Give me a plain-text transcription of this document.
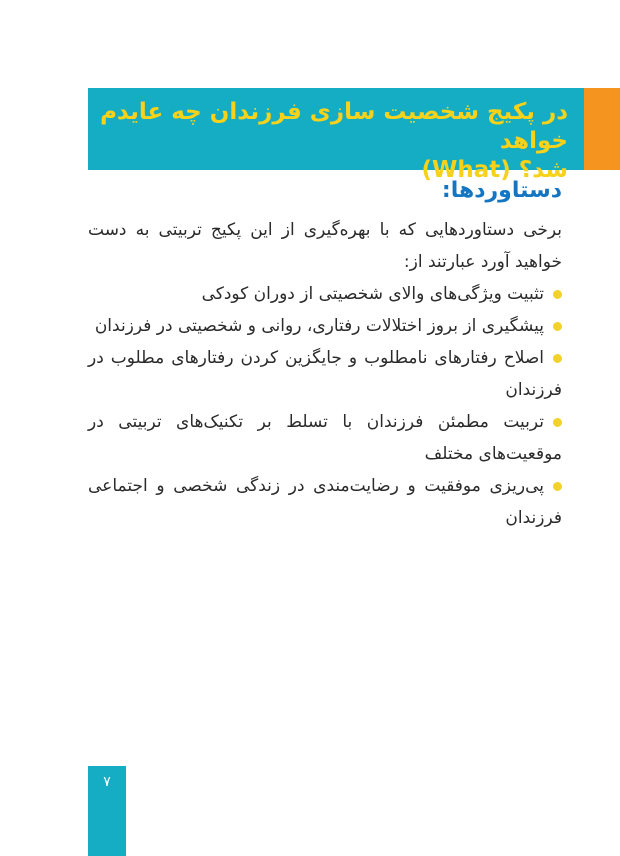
در پکیج شخصیت سازی فرزندان چه عایدم خواهد
شد؟ (What)
دستاوردها:

برخی دستاوردهایی که با بهره‌گیری از این پکیج تربیتی به دست خواهید آورد عبارتند از:

تثبیت ویژگی‌های والای شخصیتی از دوران کودکی
پیشگیری از بروز اختلالات رفتاری، روانی و شخصیتی در فرزندان
اصلاح رفتارهای نامطلوب و جایگزین کردن رفتارهای مطلوب در فرزندان
تربیت مطمئن فرزندان با تسلط بر تکنیک‌های تربیتی در موقعیت‌های مختلف
پی‌ریزی موفقیت و رضایت‌مندی در زندگی شخصی و اجتماعی فرزندان
۷
